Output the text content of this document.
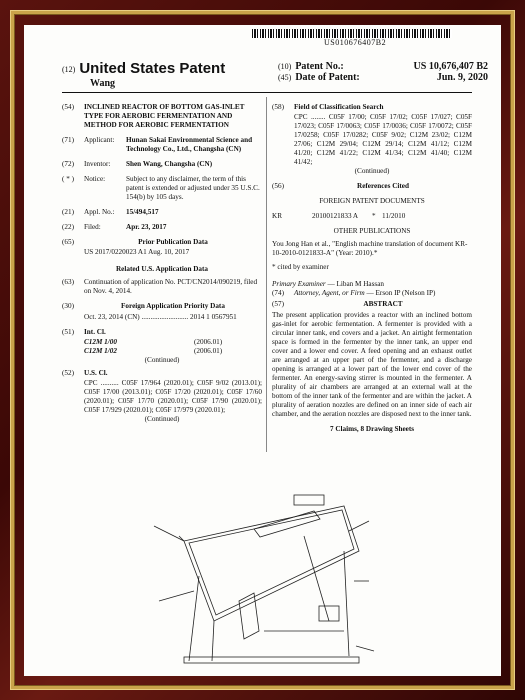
US010676407B2
(12) United States Patent
Wang
(10) Patent No.:	US 10,676,407 B2
(45) Date of Patent:	Jun. 9, 2020
(54)	INCLINED REACTOR OF BOTTOM GAS-INLET TYPE FOR AEROBIC FERMENTATION AND METHOD FOR AEROBIC FERMENTATION
(71)	Applicant:	Hunan Sakai Environmental Science and Technology Co., Ltd., Changsha (CN)
(72)	Inventor:	Shen Wang, Changsha (CN)
( * )	Notice:	Subject to any disclaimer, the term of this patent is extended or adjusted under 35 U.S.C. 154(b) by 105 days.
(21)	Appl. No.:	15/494,517
(22)	Filed:	Apr. 23, 2017
(65)	Prior Publication Data
US 2017/0220023 A1 Aug. 10, 2017
Related U.S. Application Data
(63)	Continuation of application No. PCT/CN2014/090219, filed on Nov. 4, 2014.
(30)	Foreign Application Priority Data
Oct. 23, 2014 (CN) .......................... 2014 1 0567951
(51)	Int. Cl.
C12M 1/00	(2006.01)
C12M 1/02	(2006.01)
(Continued)
(52)	U.S. Cl.
CPC .......... C05F 17/964 (2020.01); C05F 9/02 (2013.01); C05F 17/00 (2013.01); C05F 17/20 (2020.01); C05F 17/60 (2020.01); C05F 17/70 (2020.01); C05F 17/90 (2020.01); C05F 17/929 (2020.01); C05F 17/979 (2020.01);
(Continued)
(58)	Field of Classification Search
CPC ........ C05F 17/00; C05F 17/02; C05F 17/027; C05F 17/023; C05F 17/0063; C05F 17/0036; C05F 17/0072; C05F 17/0258; C05F 17/0282; C05F 9/02; C12M 23/02; C12M 27/06; C12M 29/04; C12M 29/14; C12M 41/12; C12M 41/20; C12M 41/22; C12M 41/34; C12M 41/40; C12M 41/42;
(Continued)
(56)	References Cited
FOREIGN PATENT DOCUMENTS
KR	20100121833 A	* 11/2010
OTHER PUBLICATIONS
You Jong Han et al., "English machine translation of document KR-10-2010-0121833-A" (Year: 2010).*
* cited by examiner
Primary Examiner — Liban M Hassan
(74)	Attorney, Agent, or Firm — Erson IP (Nelson IP)
(57)	ABSTRACT
The present application provides a reactor with an inclined bottom gas-inlet for aerobic fermentation. A fermenter is provided with a circular inner tank, end covers and a jacket. An airtight fermentation space is formed in the fermenter by the inner tank, an upper end cover and a lower end cover. A feed opening and an exhaust outlet are arranged at an upper part of the fermenter, and a discharge opening is arranged at a lower part of the lower end cover of the fermenter. An energy-saving stirrer is mounted in the fermenter. A plurality of air chambers are arranged at an external wall at the bottom of the inner tank of the fermenter and are within the jacket. A plurality of aeration nozzles are defined on an inner side of each air chamber, and the aeration nozzles are disposed next to the inner tank.
7 Claims, 8 Drawing Sheets
